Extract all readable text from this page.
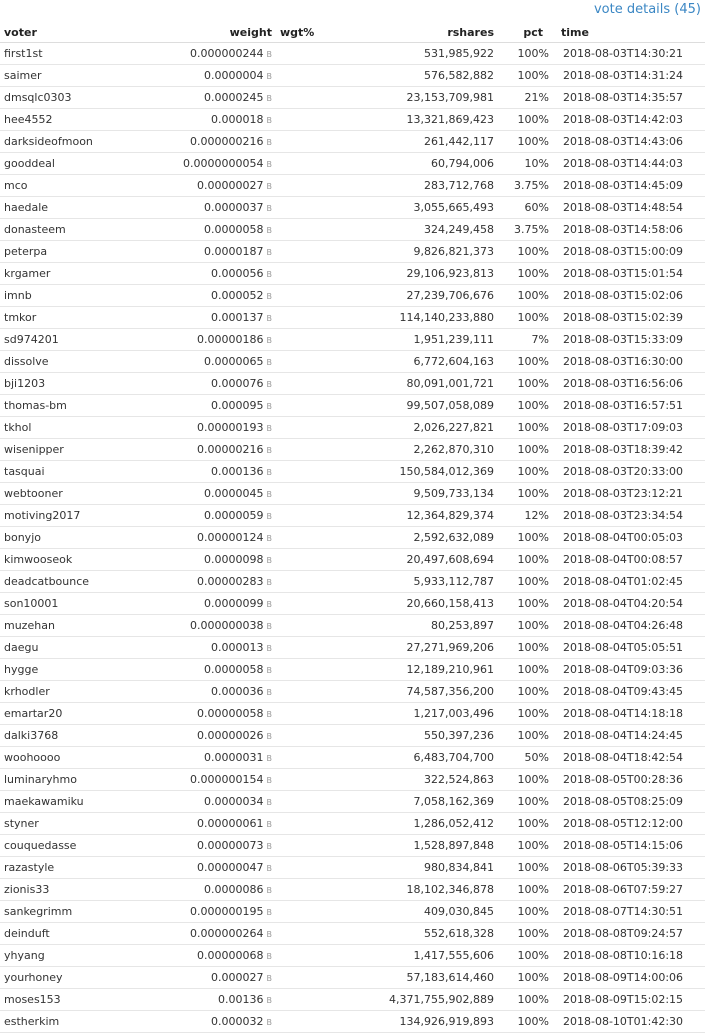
vote details (45)
voter	weight	wgt%	rshares	pct	time
first1st	0.000000244 B		531,985,922	100%	2018-08-03T14:30:21
saimer	0.0000004 B		576,582,882	100%	2018-08-03T14:31:24
dmsqlc0303	0.0000245 B		23,153,709,981	21%	2018-08-03T14:35:57
hee4552	0.000018 B		13,321,869,423	100%	2018-08-03T14:42:03
darksideofmoon	0.000000216 B		261,442,117	100%	2018-08-03T14:43:06
gooddeal	0.0000000054 B		60,794,006	10%	2018-08-03T14:44:03
mco	0.00000027 B		283,712,768	3.75%	2018-08-03T14:45:09
haedale	0.0000037 B		3,055,665,493	60%	2018-08-03T14:48:54
donasteem	0.0000058 B		324,249,458	3.75%	2018-08-03T14:58:06
peterpa	0.0000187 B		9,826,821,373	100%	2018-08-03T15:00:09
krgamer	0.000056 B		29,106,923,813	100%	2018-08-03T15:01:54
imnb	0.000052 B		27,239,706,676	100%	2018-08-03T15:02:06
tmkor	0.000137 B		114,140,233,880	100%	2018-08-03T15:02:39
sd974201	0.00000186 B		1,951,239,111	7%	2018-08-03T15:33:09
dissolve	0.0000065 B		6,772,604,163	100%	2018-08-03T16:30:00
bji1203	0.000076 B		80,091,001,721	100%	2018-08-03T16:56:06
thomas-bm	0.000095 B		99,507,058,089	100%	2018-08-03T16:57:51
tkhol	0.00000193 B		2,026,227,821	100%	2018-08-03T17:09:03
wisenipper	0.00000216 B		2,262,870,310	100%	2018-08-03T18:39:42
tasquai	0.000136 B		150,584,012,369	100%	2018-08-03T20:33:00
webtooner	0.0000045 B		9,509,733,134	100%	2018-08-03T23:12:21
motiving2017	0.0000059 B		12,364,829,374	12%	2018-08-03T23:34:54
bonyjo	0.00000124 B		2,592,632,089	100%	2018-08-04T00:05:03
kimwooseok	0.0000098 B		20,497,608,694	100%	2018-08-04T00:08:57
deadcatbounce	0.00000283 B		5,933,112,787	100%	2018-08-04T01:02:45
son10001	0.0000099 B		20,660,158,413	100%	2018-08-04T04:20:54
muzehan	0.000000038 B		80,253,897	100%	2018-08-04T04:26:48
daegu	0.000013 B		27,271,969,206	100%	2018-08-04T05:05:51
hygge	0.0000058 B		12,189,210,961	100%	2018-08-04T09:03:36
krhodler	0.000036 B		74,587,356,200	100%	2018-08-04T09:43:45
emartar20	0.00000058 B		1,217,003,496	100%	2018-08-04T14:18:18
dalki3768	0.00000026 B		550,397,236	100%	2018-08-04T14:24:45
woohoooo	0.0000031 B		6,483,704,700	50%	2018-08-04T18:42:54
luminaryhmo	0.000000154 B		322,524,863	100%	2018-08-05T00:28:36
maekawamiku	0.0000034 B		7,058,162,369	100%	2018-08-05T08:25:09
styner	0.00000061 B		1,286,052,412	100%	2018-08-05T12:12:00
couquedasse	0.00000073 B		1,528,897,848	100%	2018-08-05T14:15:06
razastyle	0.00000047 B		980,834,841	100%	2018-08-06T05:39:33
zionis33	0.0000086 B		18,102,346,878	100%	2018-08-06T07:59:27
sankegrimm	0.000000195 B		409,030,845	100%	2018-08-07T14:30:51
deinduft	0.000000264 B		552,618,328	100%	2018-08-08T09:24:57
yhyang	0.00000068 B		1,417,555,606	100%	2018-08-08T10:16:18
yourhoney	0.000027 B		57,183,614,460	100%	2018-08-09T14:00:06
moses153	0.00136 B		4,371,755,902,889	100%	2018-08-09T15:02:15
estherkim	0.000032 B		134,926,919,893	100%	2018-08-10T01:42:30
